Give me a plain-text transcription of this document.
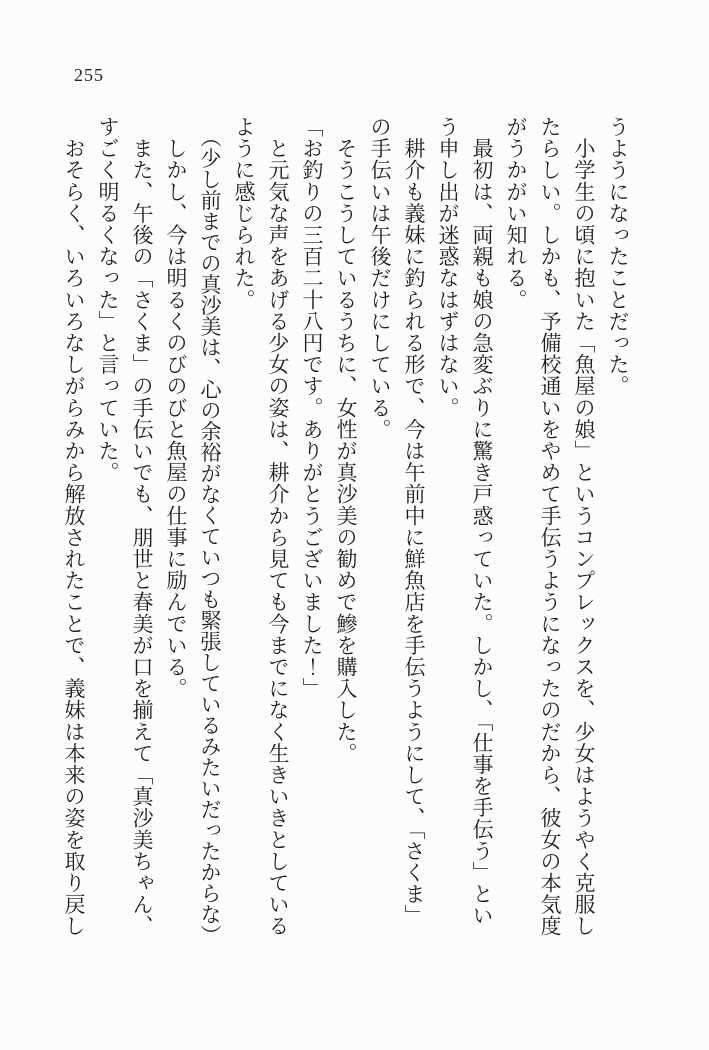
255
うようになったことだった。
　小学生の頃に抱いた「魚屋の娘」というコンプレックスを、少女はようやく克服し
たらしい。しかも、予備校通いをやめて手伝うようになったのだから、彼女の本気度
がうかがい知れる。
　最初は、両親も娘の急変ぶりに驚き戸惑っていた。しかし、「仕事を手伝う」とい
う申し出が迷惑なはずはない。
　耕介も義妹に釣られる形で、今は午前中に鮮魚店を手伝うようにして、「さくま」
の手伝いは午後だけにしている。
　そうこうしているうちに、女性が真沙美の勧めで鰺を購入した。
「お釣りの三百二十八円です。ありがとうございました！」
　と元気な声をあげる少女の姿は、耕介から見ても今までになく生きいきとしている
ように感じられた。
　（少し前までの真沙美は、心の余裕がなくていつも緊張しているみたいだったからな）
　しかし、今は明るくのびのびと魚屋の仕事に励んでいる。
　また、午後の「さくま」の手伝いでも、朋世と春美が口を揃えて「真沙美ちゃん、
すごく明るくなった」と言っていた。
　おそらく、いろいろなしがらみから解放されたことで、義妹は本来の姿を取り戻し
